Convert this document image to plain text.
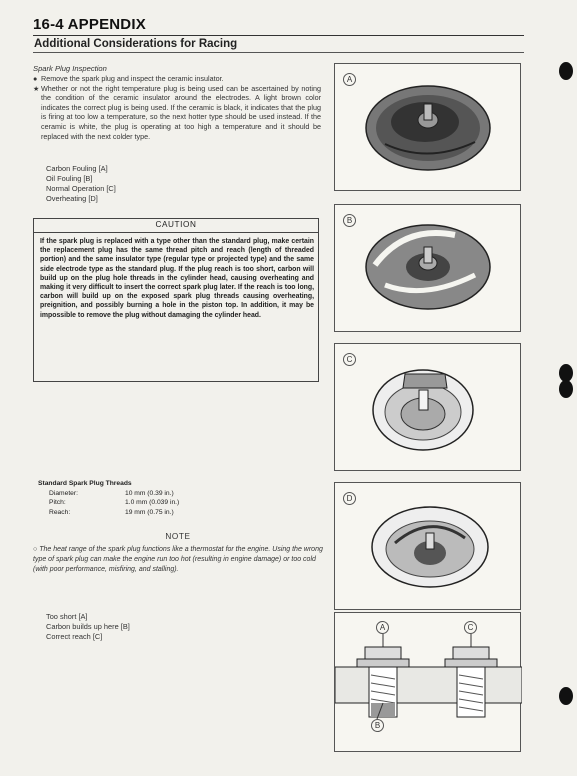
16-4 APPENDIX
Additional Considerations for Racing
Spark Plug Inspection
● Remove the spark plug and inspect the ceramic insulator.
★ Whether or not the right temperature plug is being used can be ascertained by noting the condition of the ceramic insulator around the electrodes. A light brown color indicates the correct plug is being used. If the ceramic is black, it indicates that the plug is firing at too low a temperature, so the next hotter type should be used instead. If the ceramic is white, the plug is operating at too high a temperature and it should be replaced with the next colder type.
Carbon Fouling [A]
Oil Fouling [B]
Normal Operation [C]
Overheating [D]
CAUTION
If the spark plug is replaced with a type other than the standard plug, make certain the replacement plug has the same thread pitch and reach (length of threaded portion) and the same insulator type (regular type or projected type) and the same side electrode type as the standard plug. If the plug reach is too short, carbon will build up on the plug hole threads in the cylinder head, causing overheating and making it very difficult to insert the correct spark plug later. If the reach is too long, carbon will build up on the exposed spark plug threads causing overheating, preignition, and possibly burning a hole in the piston top. In addition, it may be impossible to remove the plug without damaging the cylinder head.
Standard Spark Plug Threads
Diameter:	10 mm (0.39 in.)
Pitch:	1.0 mm (0.039 in.)
Reach:	19 mm (0.75 in.)
NOTE
○ The heat range of the spark plug functions like a thermostat for the engine. Using the wrong type of spark plug can make the engine run too hot (resulting in engine damage) or too cold (with poor performance, misfiring, and stalling).
Too short [A]
Carbon builds up here [B]
Correct reach [C]
A
B
C
D
A	C
B
